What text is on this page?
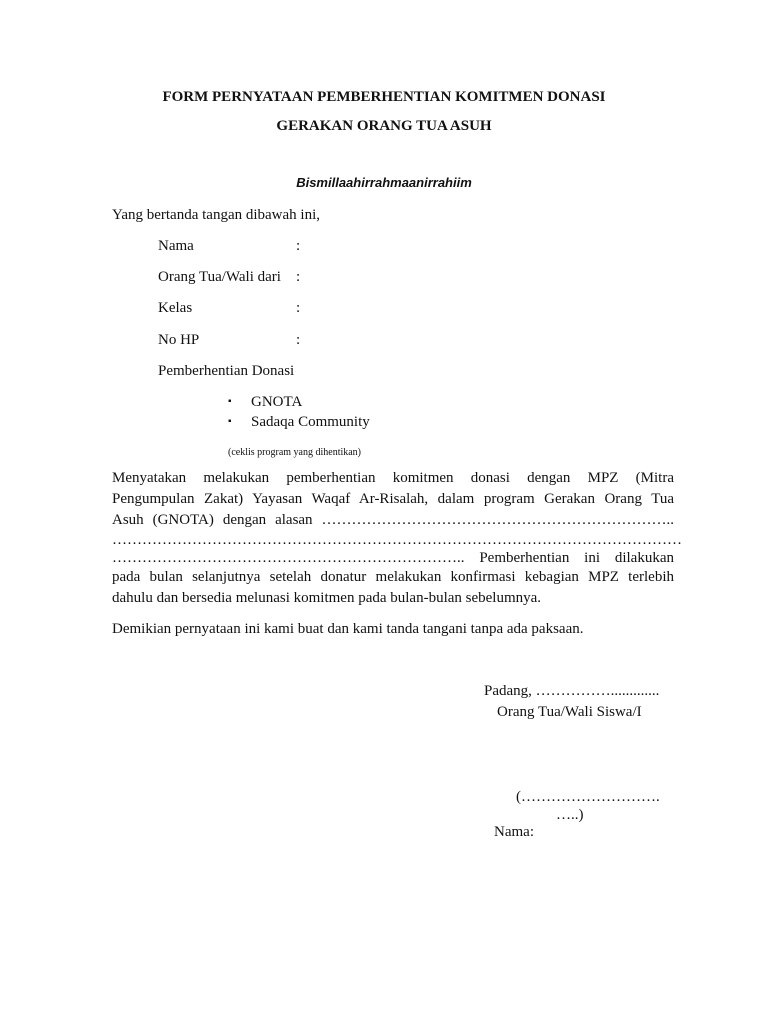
FORM PERNYATAAN PEMBERHENTIAN KOMITMEN DONASI
GERAKAN ORANG TUA ASUH
Bismillaahirrahmaanirrahiim
Yang bertanda tangan dibawah ini,
Nama	:
Orang Tua/Wali dari :
Kelas	:
No HP	:
Pemberhentian Donasi
▪ GNOTA
▪ Sadaqa Community
(ceklis program yang dihentikan)
Menyatakan melakukan pemberhentian komitmen donasi dengan MPZ (Mitra
Pengumpulan Zakat) Yayasan Waqaf Ar-Risalah, dalam program Gerakan Orang Tua
Asuh (GNOTA) dengan alasan ……………………………………………………………..
……………………………………………………………………………………………………
…………………………………………………………….. Pemberhentian ini dilakukan
pada bulan selanjutnya setelah donatur melakukan konfirmasi kebagian MPZ terlebih
dahulu dan bersedia melunasi komitmen pada bulan-bulan sebelumnya.
Demikian pernyataan ini kami buat dan kami tanda tangani tanpa ada paksaan.
Padang, …………….............
Orang Tua/Wali Siswa/I
(……………………….
…..)
Nama:
